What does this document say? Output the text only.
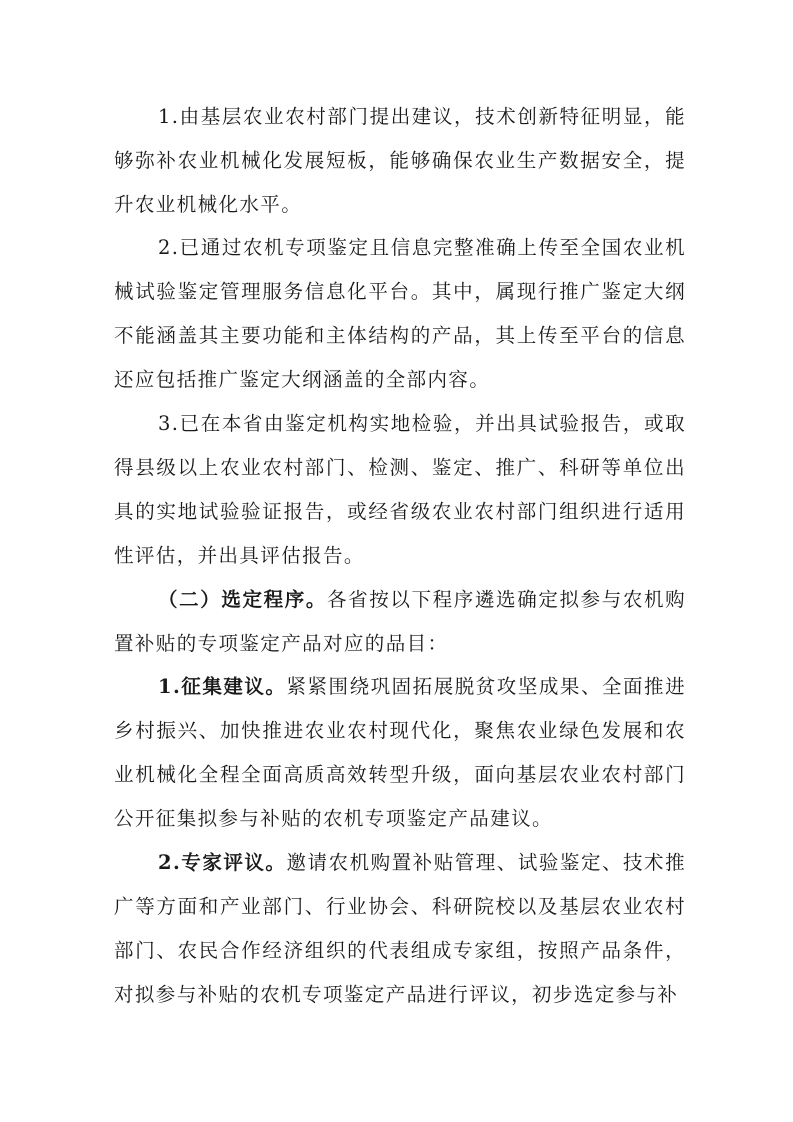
1.由基层农业农村部门提出建议，技术创新特征明显，能够弥补农业机械化发展短板，能够确保农业生产数据安全，提升农业机械化水平。

2.已通过农机专项鉴定且信息完整准确上传至全国农业机械试验鉴定管理服务信息化平台。其中，属现行推广鉴定大纲不能涵盖其主要功能和主体结构的产品，其上传至平台的信息还应包括推广鉴定大纲涵盖的全部内容。

3.已在本省由鉴定机构实地检验，并出具试验报告，或取得县级以上农业农村部门、检测、鉴定、推广、科研等单位出具的实地试验验证报告，或经省级农业农村部门组织进行适用性评估，并出具评估报告。

（二）选定程序。各省按以下程序遴选确定拟参与农机购置补贴的专项鉴定产品对应的品目：

1.征集建议。紧紧围绕巩固拓展脱贫攻坚成果、全面推进乡村振兴、加快推进农业农村现代化，聚焦农业绿色发展和农业机械化全程全面高质高效转型升级，面向基层农业农村部门公开征集拟参与补贴的农机专项鉴定产品建议。

2.专家评议。邀请农机购置补贴管理、试验鉴定、技术推广等方面和产业部门、行业协会、科研院校以及基层农业农村部门、农民合作经济组织的代表组成专家组，按照产品条件，对拟参与补贴的农机专项鉴定产品进行评议，初步选定参与补
